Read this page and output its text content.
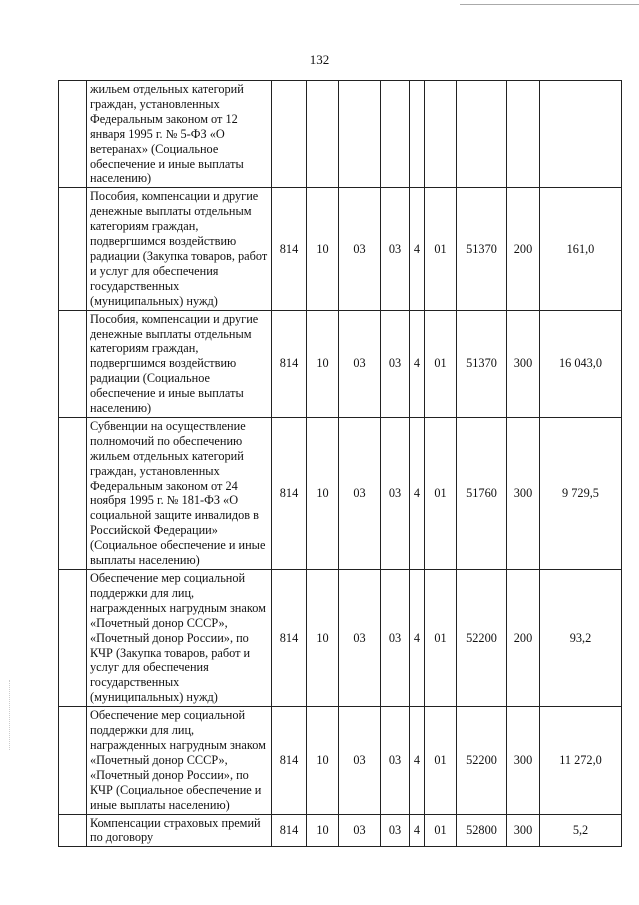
132
	жильем отдельных категорий граждан, установленных Федеральным законом от 12 января 1995 г. № 5-ФЗ «О ветеранах» (Социальное обеспечение и иные выплаты населению)									
	Пособия, компенсации и другие денежные выплаты отдельным категориям граждан, подвергшимся воздействию радиации (Закупка товаров, работ и услуг для обеспечения государственных (муниципальных) нужд)	814	10	03	03	4	01	51370	200	161,0
	Пособия, компенсации и другие денежные выплаты отдельным категориям граждан, подвергшимся воздействию радиации (Социальное обеспечение и иные выплаты населению)	814	10	03	03	4	01	51370	300	16 043,0
	Субвенции на осуществление полномочий по обеспечению жильем отдельных категорий граждан, установленных Федеральным законом от 24 ноября 1995 г. № 181-ФЗ «О социальной защите инвалидов в Российской Федерации» (Социальное обеспечение и иные выплаты населению)	814	10	03	03	4	01	51760	300	9 729,5
	Обеспечение мер социальной поддержки для лиц, награжденных нагрудным знаком «Почетный донор СССР», «Почетный донор России», по КЧР (Закупка товаров, работ и услуг для обеспечения государственных (муниципальных) нужд)	814	10	03	03	4	01	52200	200	93,2
	Обеспечение мер социальной поддержки для лиц, награжденных нагрудным знаком «Почетный донор СССР», «Почетный донор России», по КЧР (Социальное обеспечение и иные выплаты населению)	814	10	03	03	4	01	52200	300	11 272,0
	Компенсации страховых премий по договору	814	10	03	03	4	01	52800	300	5,2
